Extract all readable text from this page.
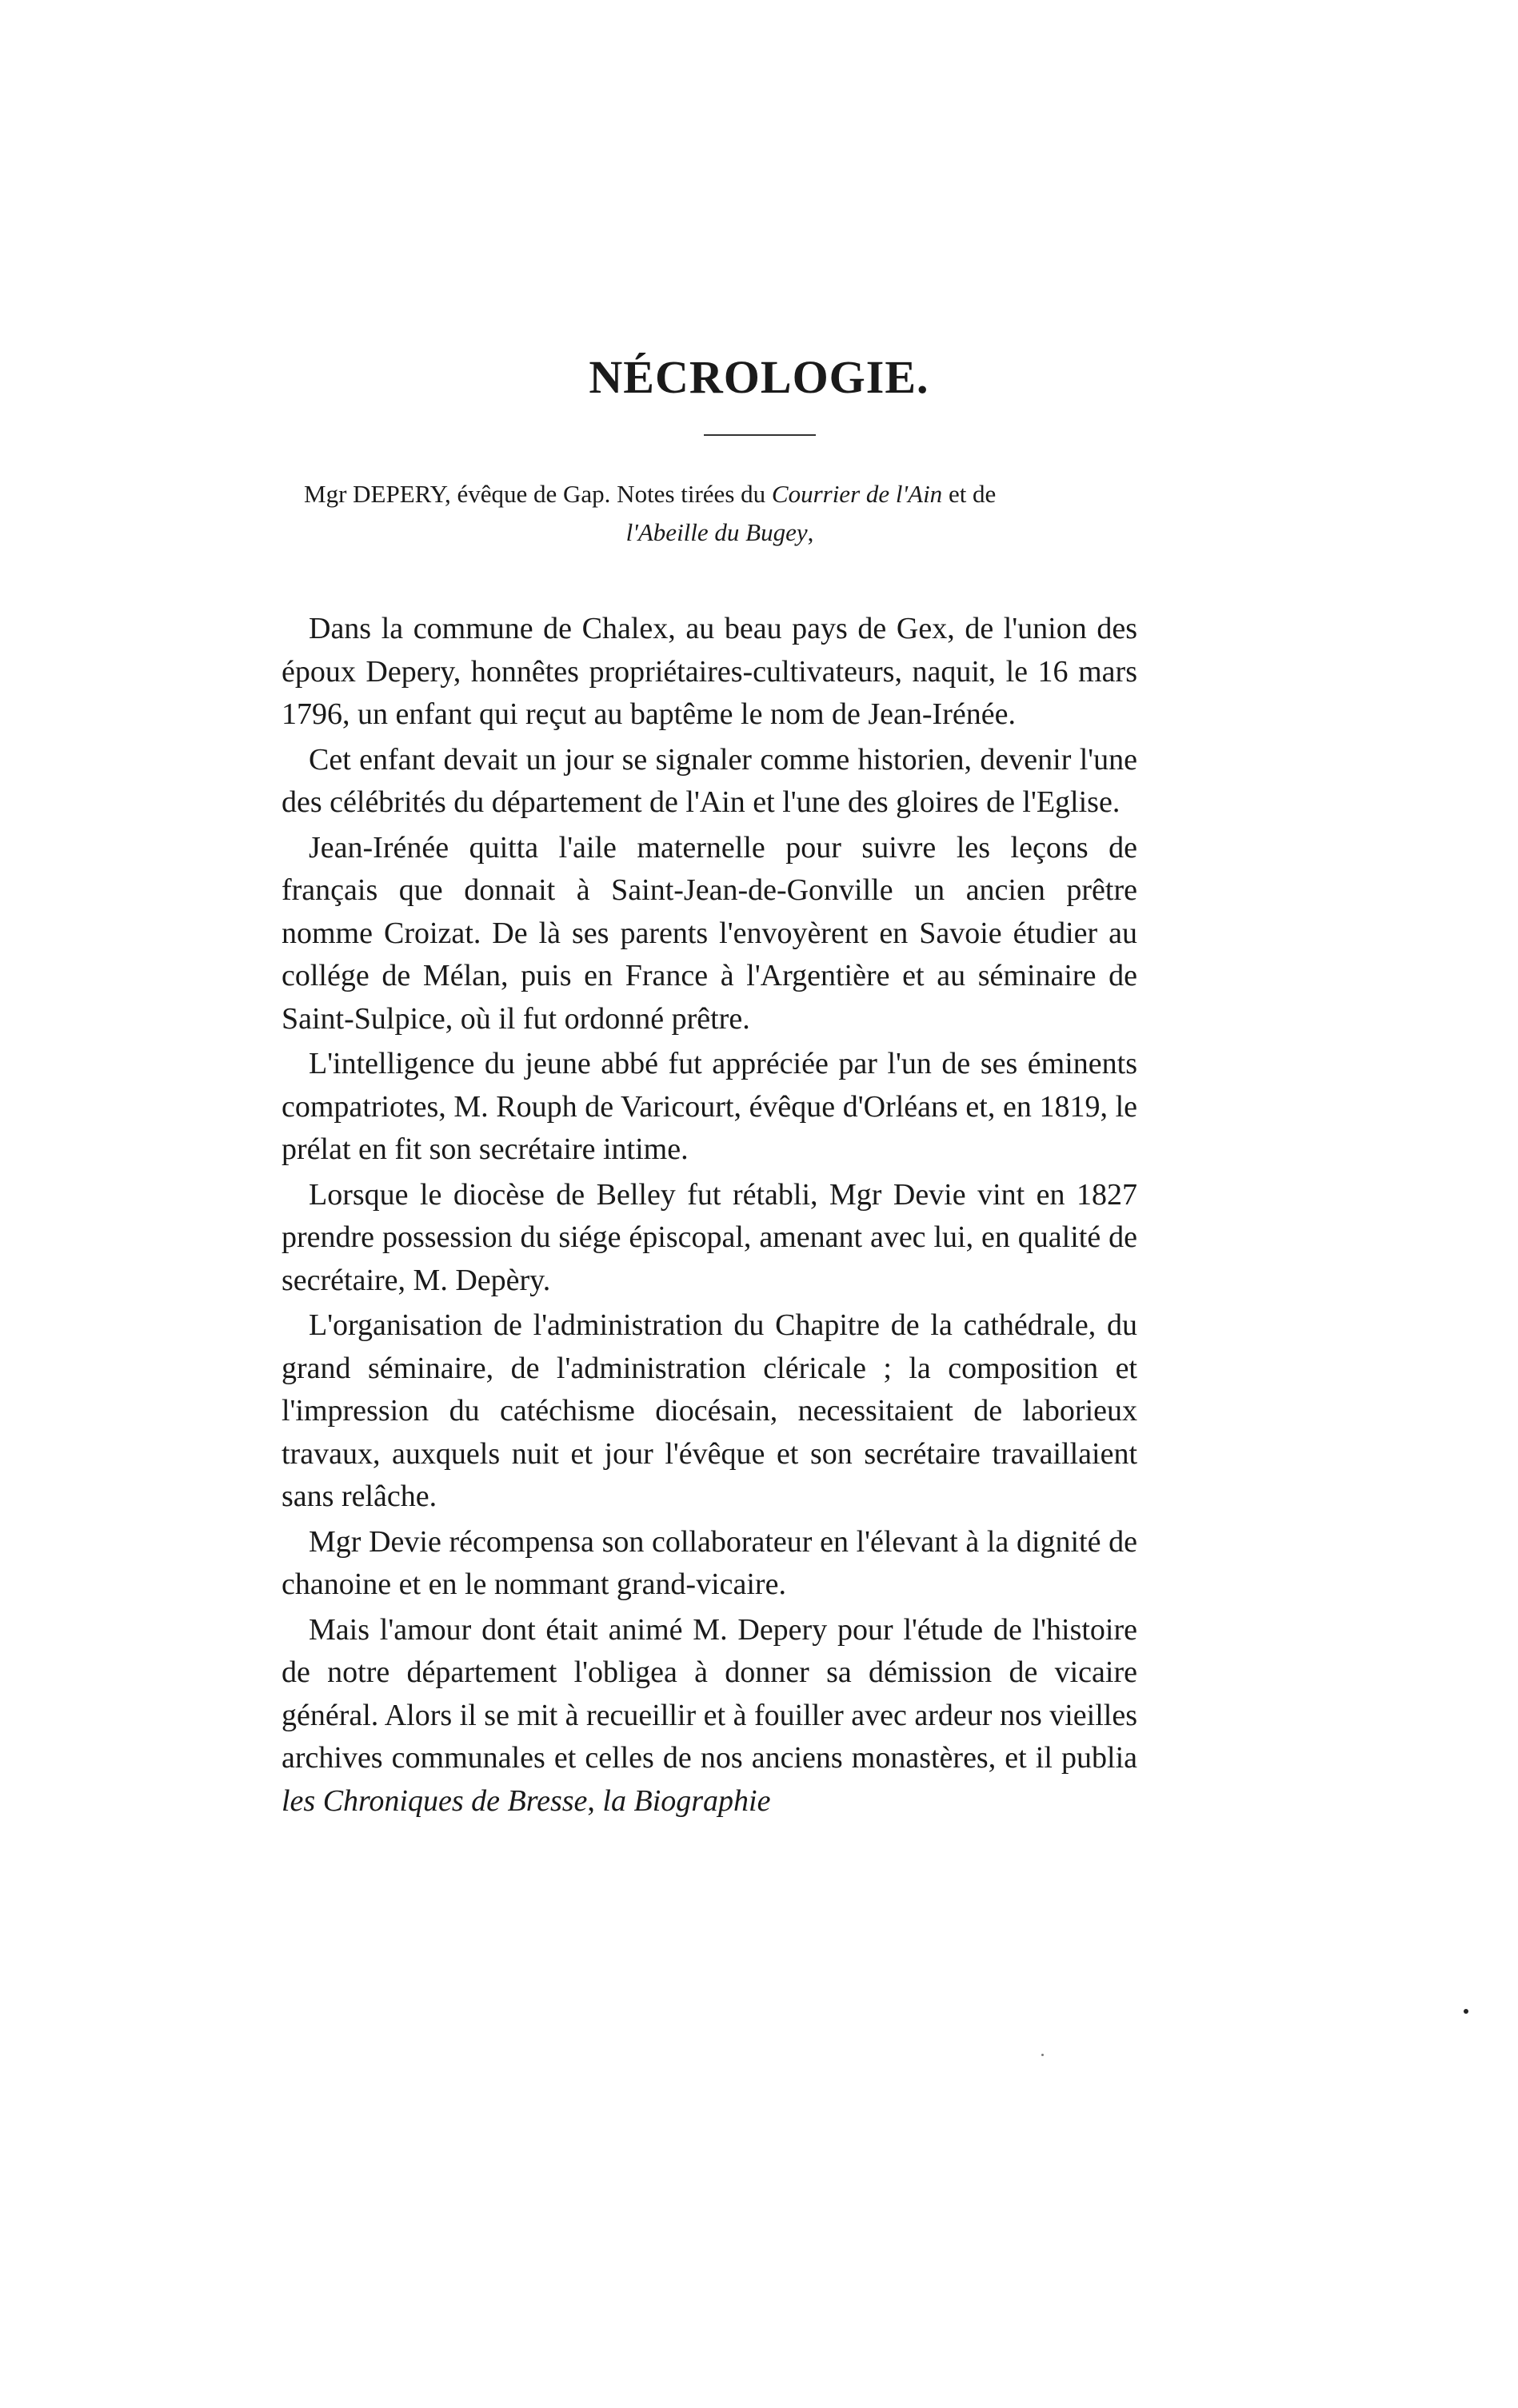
NÉCROLOGIE.
Mgr DEPERY, évêque de Gap. Notes tirées du Courrier de l'Ain et de
l'Abeille du Bugey,

Dans la commune de Chalex, au beau pays de Gex, de l'union des époux Depery, honnêtes propriétaires-cultivateurs, naquit, le 16 mars 1796, un enfant qui reçut au baptême le nom de Jean-Irénée.

Cet enfant devait un jour se signaler comme historien, devenir l'une des célébrités du département de l'Ain et l'une des gloires de l'Eglise.

Jean-Irénée quitta l'aile maternelle pour suivre les leçons de français que donnait à Saint-Jean-de-Gonville un ancien prêtre nomme Croizat. De là ses parents l'envoyèrent en Savoie étudier au collége de Mélan, puis en France à l'Argentière et au séminaire de Saint-Sulpice, où il fut ordonné prêtre.

L'intelligence du jeune abbé fut appréciée par l'un de ses éminents compatriotes, M. Rouph de Varicourt, évêque d'Orléans et, en 1819, le prélat en fit son secrétaire intime.

Lorsque le diocèse de Belley fut rétabli, Mgr Devie vint en 1827 prendre possession du siége épiscopal, amenant avec lui, en qualité de secrétaire, M. Depèry.

L'organisation de l'administration du Chapitre de la cathédrale, du grand séminaire, de l'administration cléricale ; la composition et l'impression du catéchisme diocésain, necessitaient de laborieux travaux, auxquels nuit et jour l'évêque et son secrétaire travaillaient sans relâche.

Mgr Devie récompensa son collaborateur en l'élevant à la dignité de chanoine et en le nommant grand-vicaire.

Mais l'amour dont était animé M. Depery pour l'étude de l'histoire de notre département l'obligea à donner sa démission de vicaire général. Alors il se mit à recueillir et à fouiller avec ardeur nos vieilles archives communales et celles de nos anciens monastères, et il publia les Chroniques de Bresse, la Biographie
